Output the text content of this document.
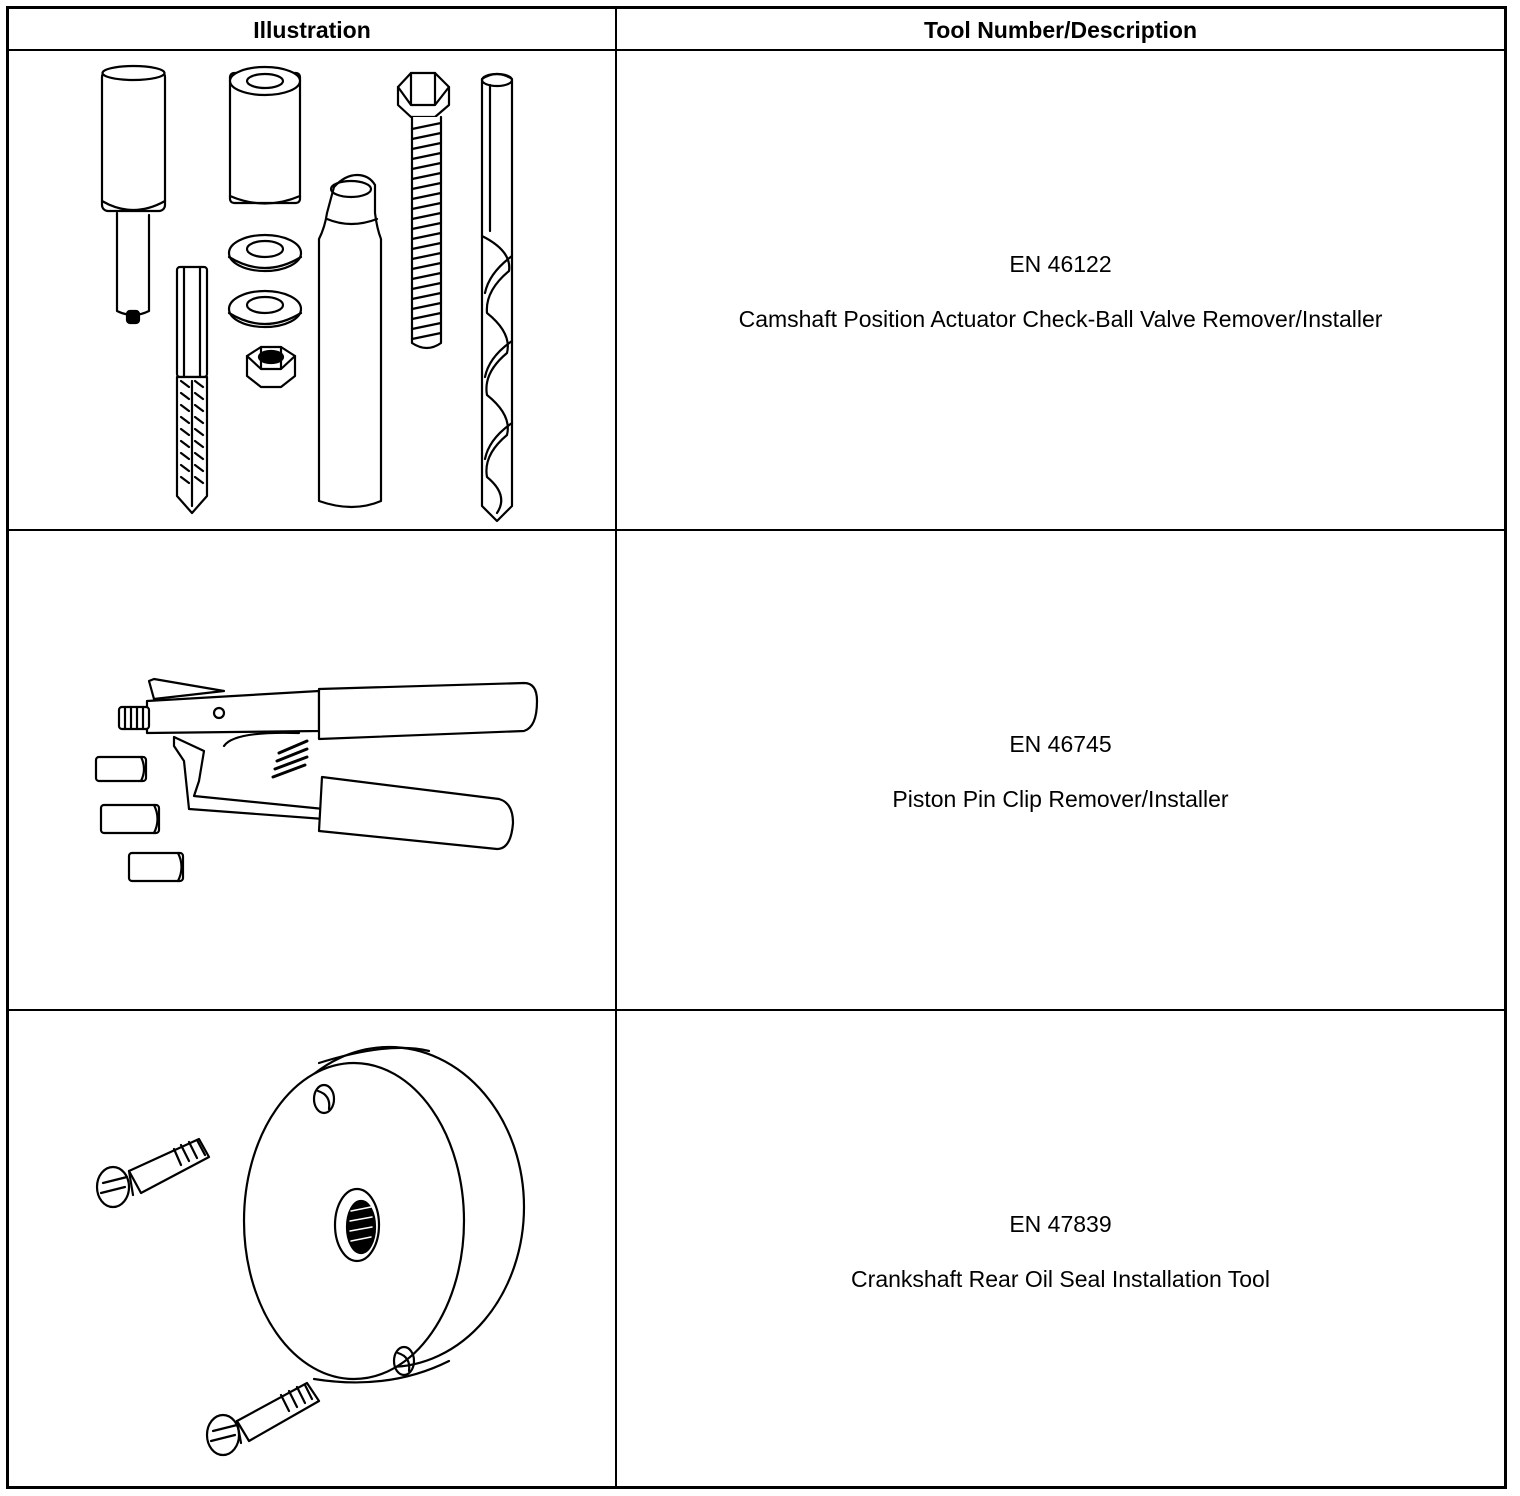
Illustration	Tool Number/Description
EN 46122
Camshaft Position Actuator Check-Ball Valve Remover/Installer
EN 46745
Piston Pin Clip Remover/Installer
EN 47839
Crankshaft Rear Oil Seal Installation Tool
